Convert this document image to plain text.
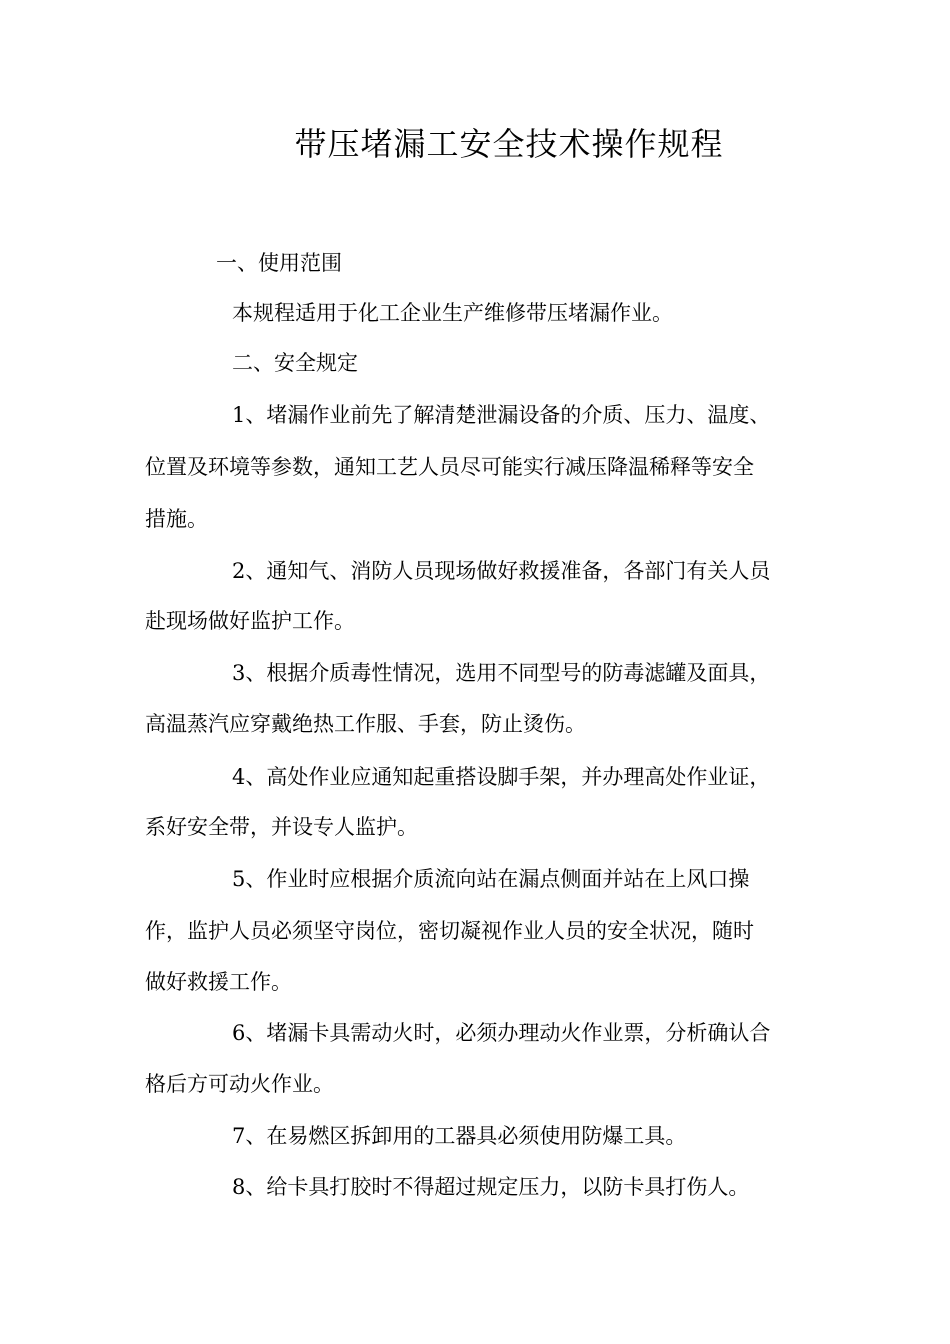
带压堵漏工安全技术操作规程

一、使用范围

本规程适用于化工企业生产维修带压堵漏作业。

二、安全规定

1、堵漏作业前先了解清楚泄漏设备的介质、压力、温度、

位置及环境等参数，通知工艺人员尽可能实行减压降温稀释等安全

措施。

2、通知气、消防人员现场做好救援准备，各部门有关人员

赴现场做好监护工作。

3、根据介质毒性情况，选用不同型号的防毒滤罐及面具，

高温蒸汽应穿戴绝热工作服、手套，防止烫伤。

4、高处作业应通知起重搭设脚手架，并办理高处作业证，

系好安全带，并设专人监护。

5、作业时应根据介质流向站在漏点侧面并站在上风口操

作，监护人员必须坚守岗位，密切凝视作业人员的安全状况，随时

做好救援工作。

6、堵漏卡具需动火时，必须办理动火作业票，分析确认合

格后方可动火作业。

7、在易燃区拆卸用的工器具必须使用防爆工具。

8、给卡具打胶时不得超过规定压力，以防卡具打伤人。
